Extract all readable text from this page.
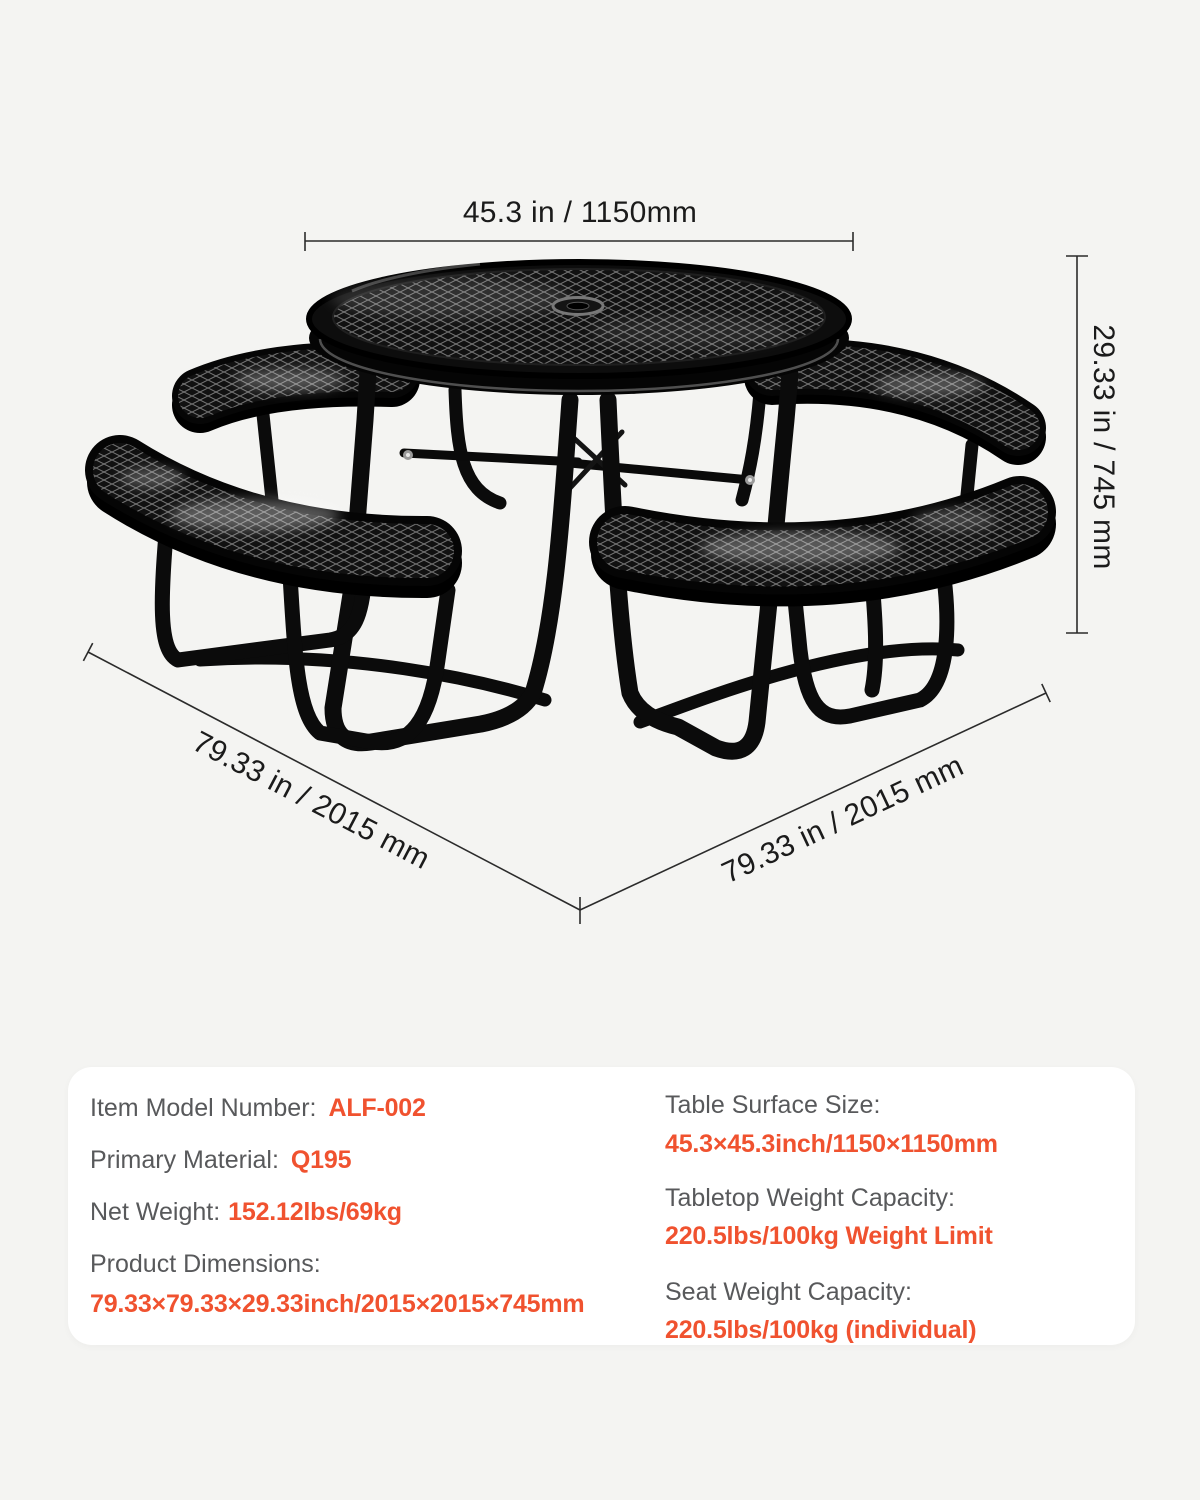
45.3 in / 1150mm
29.33 in / 745 mm
79.33 in / 2015 mm	79.33 in / 2015 mm
Item Model Number: ALF-002
Primary Material: Q195
Net Weight: 152.12lbs/69kg
Product Dimensions:
79.33×79.33×29.33inch/2015×2015×745mm
Table Surface Size:
45.3×45.3inch/1150×1150mm
Tabletop Weight Capacity:
220.5lbs/100kg Weight Limit
Seat Weight Capacity:
220.5lbs/100kg (individual)
